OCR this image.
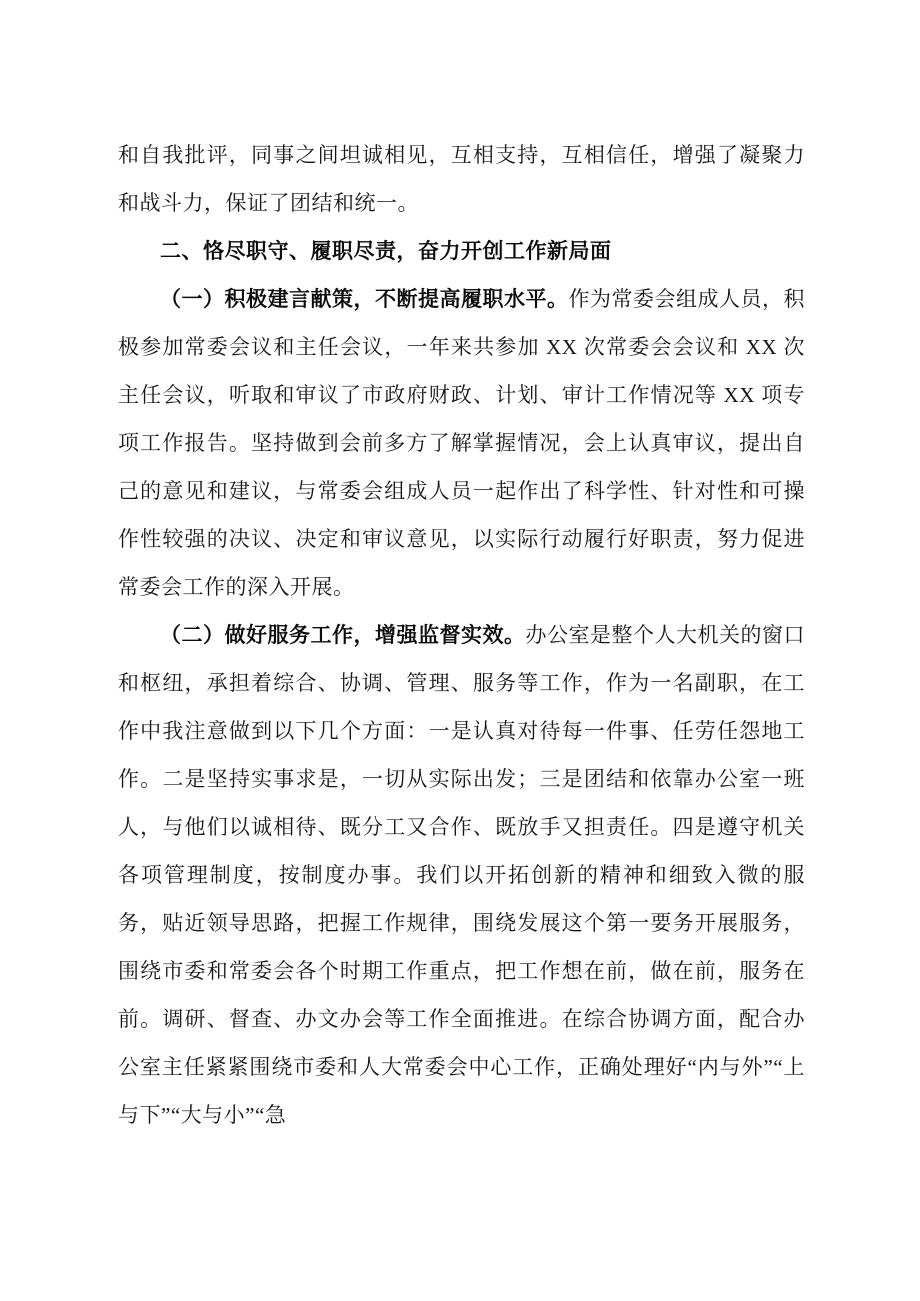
和自我批评，同事之间坦诚相见，互相支持，互相信任，增强了凝聚力和战斗力，保证了团结和统一。

二、恪尽职守、履职尽责，奋力开创工作新局面

（一）积极建言献策，不断提高履职水平。作为常委会组成人员，积极参加常委会议和主任会议，一年来共参加 XX 次常委会会议和 XX 次主任会议，听取和审议了市政府财政、计划、审计工作情况等 XX 项专项工作报告。坚持做到会前多方了解掌握情况，会上认真审议，提出自己的意见和建议，与常委会组成人员一起作出了科学性、针对性和可操作性较强的决议、决定和审议意见，以实际行动履行好职责，努力促进常委会工作的深入开展。

（二）做好服务工作，增强监督实效。办公室是整个人大机关的窗口和枢纽，承担着综合、协调、管理、服务等工作，作为一名副职，在工作中我注意做到以下几个方面：一是认真对待每一件事、任劳任怨地工作。二是坚持实事求是，一切从实际出发；三是团结和依靠办公室一班人，与他们以诚相待、既分工又合作、既放手又担责任。四是遵守机关各项管理制度，按制度办事。我们以开拓创新的精神和细致入微的服务，贴近领导思路，把握工作规律，围绕发展这个第一要务开展服务，围绕市委和常委会各个时期工作重点，把工作想在前，做在前，服务在前。调研、督查、办文办会等工作全面推进。在综合协调方面，配合办公室主任紧紧围绕市委和人大常委会中心工作，正确处理好“内与外”“上与下”“大与小”“急
